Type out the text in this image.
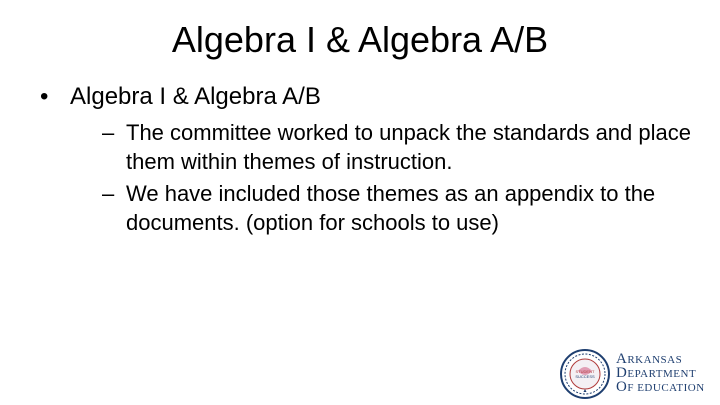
Algebra I & Algebra A/B
• Algebra I & Algebra A/B
– The committee worked to unpack the standards and place them within themes of instruction.
– We have included those themes as an appendix to the documents. (option for schools to use)
STUDENT
SUCCESS
ARKANSAS
DEPARTMENT
OF EDUCATION
